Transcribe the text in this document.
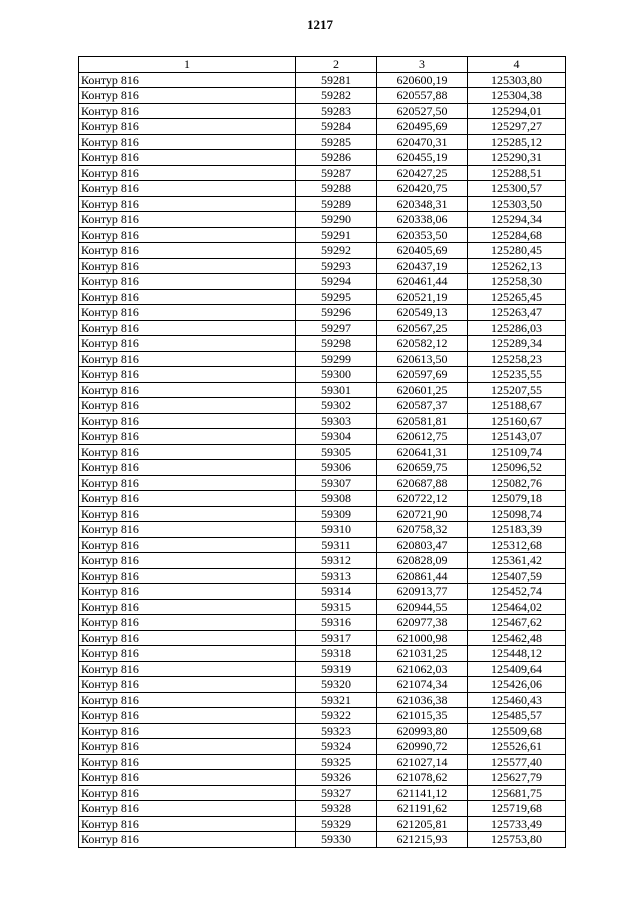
1217
1	2	3	4
Контур 816	59281	620600,19	125303,80
Контур 816	59282	620557,88	125304,38
Контур 816	59283	620527,50	125294,01
Контур 816	59284	620495,69	125297,27
Контур 816	59285	620470,31	125285,12
Контур 816	59286	620455,19	125290,31
Контур 816	59287	620427,25	125288,51
Контур 816	59288	620420,75	125300,57
Контур 816	59289	620348,31	125303,50
Контур 816	59290	620338,06	125294,34
Контур 816	59291	620353,50	125284,68
Контур 816	59292	620405,69	125280,45
Контур 816	59293	620437,19	125262,13
Контур 816	59294	620461,44	125258,30
Контур 816	59295	620521,19	125265,45
Контур 816	59296	620549,13	125263,47
Контур 816	59297	620567,25	125286,03
Контур 816	59298	620582,12	125289,34
Контур 816	59299	620613,50	125258,23
Контур 816	59300	620597,69	125235,55
Контур 816	59301	620601,25	125207,55
Контур 816	59302	620587,37	125188,67
Контур 816	59303	620581,81	125160,67
Контур 816	59304	620612,75	125143,07
Контур 816	59305	620641,31	125109,74
Контур 816	59306	620659,75	125096,52
Контур 816	59307	620687,88	125082,76
Контур 816	59308	620722,12	125079,18
Контур 816	59309	620721,90	125098,74
Контур 816	59310	620758,32	125183,39
Контур 816	59311	620803,47	125312,68
Контур 816	59312	620828,09	125361,42
Контур 816	59313	620861,44	125407,59
Контур 816	59314	620913,77	125452,74
Контур 816	59315	620944,55	125464,02
Контур 816	59316	620977,38	125467,62
Контур 816	59317	621000,98	125462,48
Контур 816	59318	621031,25	125448,12
Контур 816	59319	621062,03	125409,64
Контур 816	59320	621074,34	125426,06
Контур 816	59321	621036,38	125460,43
Контур 816	59322	621015,35	125485,57
Контур 816	59323	620993,80	125509,68
Контур 816	59324	620990,72	125526,61
Контур 816	59325	621027,14	125577,40
Контур 816	59326	621078,62	125627,79
Контур 816	59327	621141,12	125681,75
Контур 816	59328	621191,62	125719,68
Контур 816	59329	621205,81	125733,49
Контур 816	59330	621215,93	125753,80
